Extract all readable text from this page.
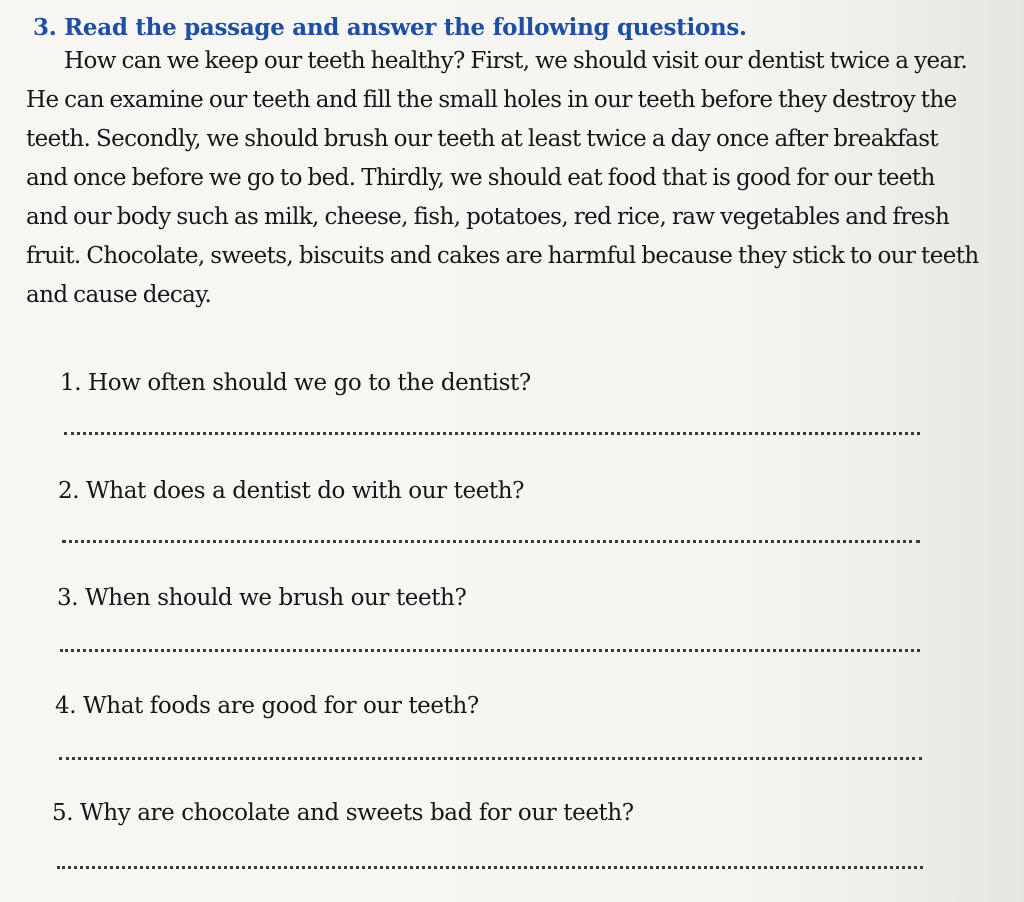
3. Read the passage and answer the following questions.

How can we keep our teeth healthy? First, we should visit our dentist twice a year.
He can examine our teeth and fill the small holes in our teeth before they destroy the
teeth. Secondly, we should brush our teeth at least twice a day once after breakfast
and once before we go to bed. Thirdly, we should eat food that is good for our teeth
and our body such as milk, cheese, fish, potatoes, red rice, raw vegetables and fresh
fruit. Chocolate, sweets, biscuits and cakes are harmful because they stick to our teeth
and cause decay.

1. How often should we go to the dentist?
2. What does a dentist do with our teeth?
3. When should we brush our teeth?
4. What foods are good for our teeth?
5. Why are chocolate and sweets bad for our teeth?
